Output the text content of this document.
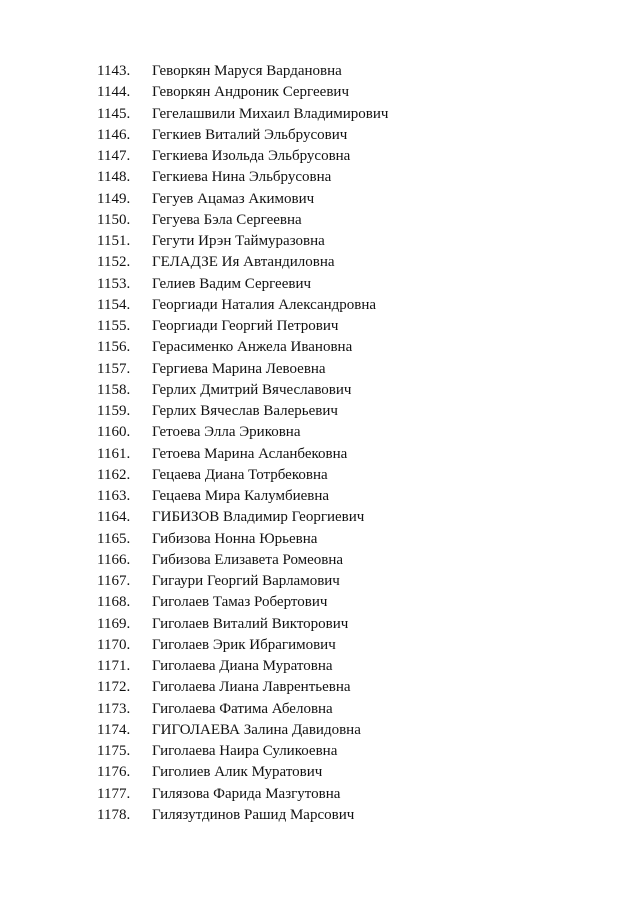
1143. Геворкян Маруся Вардановна
1144. Геворкян Андроник Сергеевич
1145. Гегелашвили Михаил Владимирович
1146. Гегкиев Виталий Эльбрусович
1147. Гегкиева Изольда Эльбрусовна
1148. Гегкиева Нина Эльбрусовна
1149. Гегуев Ацамаз Акимович
1150. Гегуева Бэла Сергеевна
1151. Гегути Ирэн Таймуразовна
1152. ГЕЛАДЗЕ Ия Автандиловна
1153. Гелиев Вадим Сергеевич
1154. Георгиади Наталия Александровна
1155. Георгиади Георгий Петрович
1156. Герасименко Анжела Ивановна
1157. Гергиева Марина Левоевна
1158. Герлих Дмитрий Вячеславович
1159. Герлих Вячеслав Валерьевич
1160. Гетоева Элла Эриковна
1161. Гетоева Марина Асланбековна
1162. Гецаева Диана Тотрбековна
1163. Гецаева Мира Калумбиевна
1164. ГИБИЗОВ Владимир Георгиевич
1165. Гибизова Нонна Юрьевна
1166. Гибизова Елизавета Ромеовна
1167. Гигаури Георгий Варламович
1168. Гиголаев Тамаз Робертович
1169. Гиголаев Виталий Викторович
1170. Гиголаев Эрик Ибрагимович
1171. Гиголаева Диана Муратовна
1172. Гиголаева Лиана Лаврентьевна
1173. Гиголаева Фатима Абеловна
1174. ГИГОЛАЕВА Залина Давидовна
1175. Гиголаева Наира Суликоевна
1176. Гиголиев Алик Муратович
1177. Гилязова Фарида Мазгутовна
1178. Гилязутдинов Рашид Марсович
